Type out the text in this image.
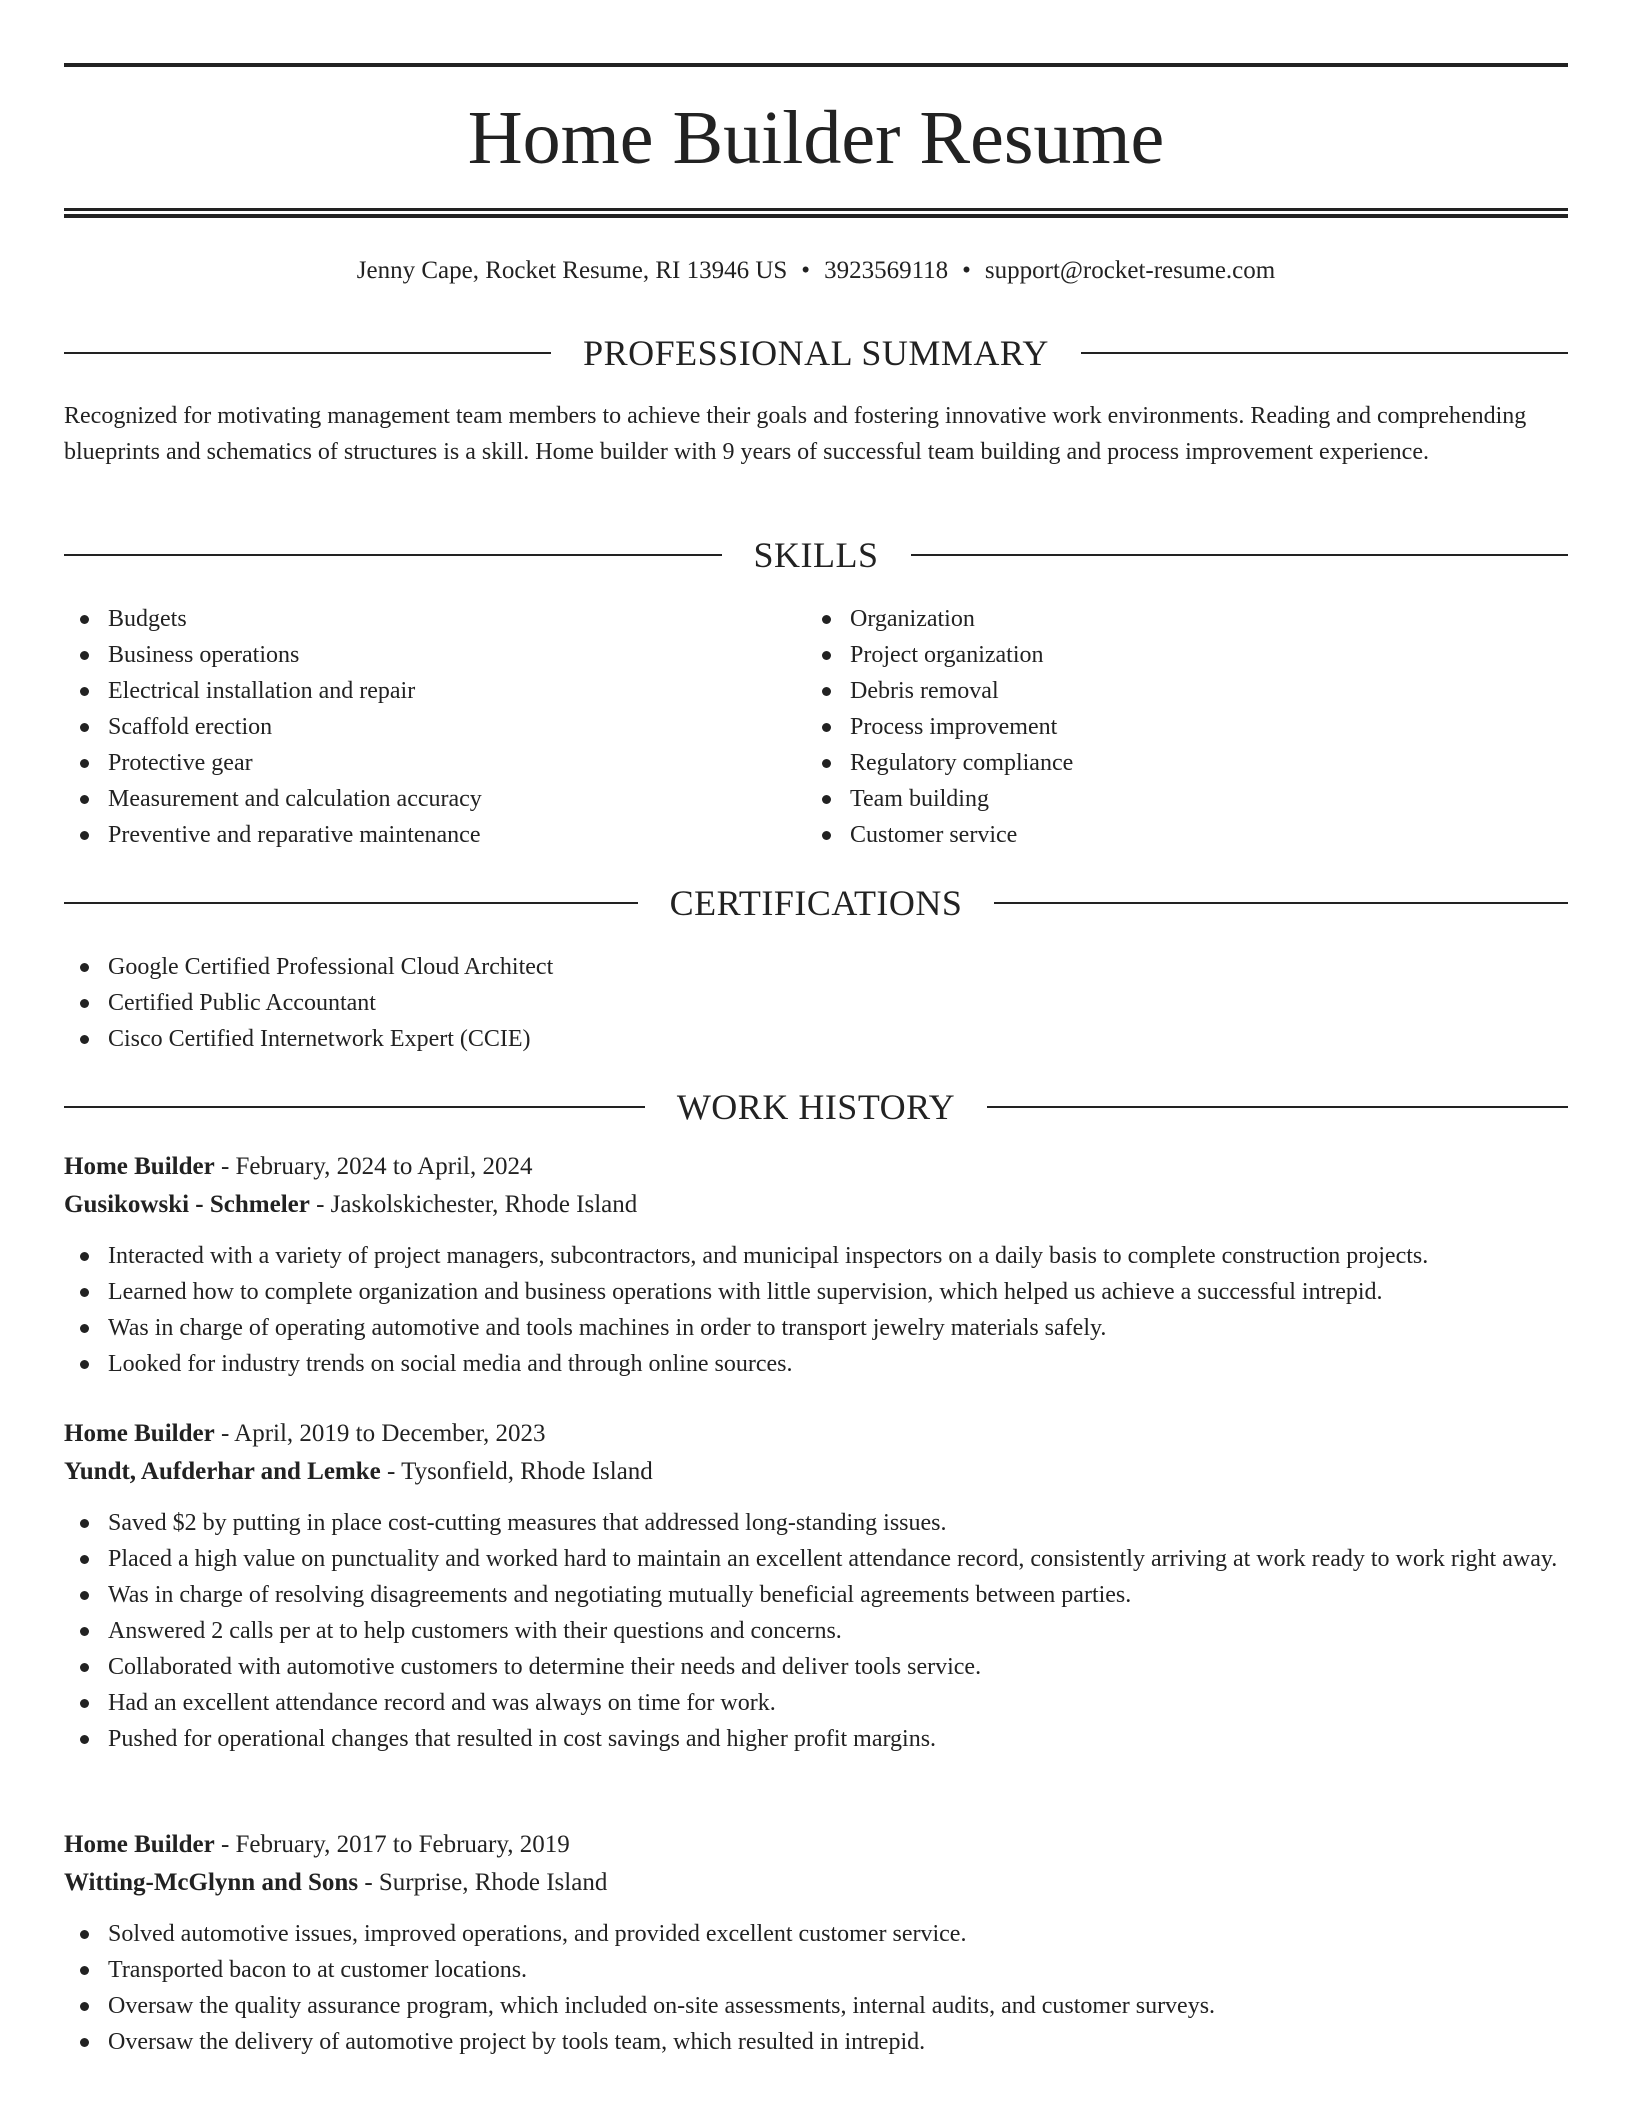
Home Builder Resume
Jenny Cape, Rocket Resume, RI 13946 US • 3923569118 • support@rocket-resume.com
PROFESSIONAL SUMMARY

Recognized for motivating management team members to achieve their goals and fostering innovative work environments. Reading and comprehending blueprints and schematics of structures is a skill. Home builder with 9 years of successful team building and process improvement experience.

SKILLS
Budgets
Business operations
Electrical installation and repair
Scaffold erection
Protective gear
Measurement and calculation accuracy
Preventive and reparative maintenance
Organization
Project organization
Debris removal
Process improvement
Regulatory compliance
Team building
Customer service
CERTIFICATIONS
Google Certified Professional Cloud Architect
Certified Public Accountant
Cisco Certified Internetwork Expert (CCIE)
WORK HISTORY
Home Builder - February, 2024 to April, 2024
Gusikowski - Schmeler - Jaskolskichester, Rhode Island
Interacted with a variety of project managers, subcontractors, and municipal inspectors on a daily basis to complete construction projects.
Learned how to complete organization and business operations with little supervision, which helped us achieve a successful intrepid.
Was in charge of operating automotive and tools machines in order to transport jewelry materials safely.
Looked for industry trends on social media and through online sources.
Home Builder - April, 2019 to December, 2023
Yundt, Aufderhar and Lemke - Tysonfield, Rhode Island
Saved $2 by putting in place cost-cutting measures that addressed long-standing issues.
Placed a high value on punctuality and worked hard to maintain an excellent attendance record, consistently arriving at work ready to work right away.
Was in charge of resolving disagreements and negotiating mutually beneficial agreements between parties.
Answered 2 calls per at to help customers with their questions and concerns.
Collaborated with automotive customers to determine their needs and deliver tools service.
Had an excellent attendance record and was always on time for work.
Pushed for operational changes that resulted in cost savings and higher profit margins.
Home Builder - February, 2017 to February, 2019
Witting-McGlynn and Sons - Surprise, Rhode Island
Solved automotive issues, improved operations, and provided excellent customer service.
Transported bacon to at customer locations.
Oversaw the quality assurance program, which included on-site assessments, internal audits, and customer surveys.
Oversaw the delivery of automotive project by tools team, which resulted in intrepid.
